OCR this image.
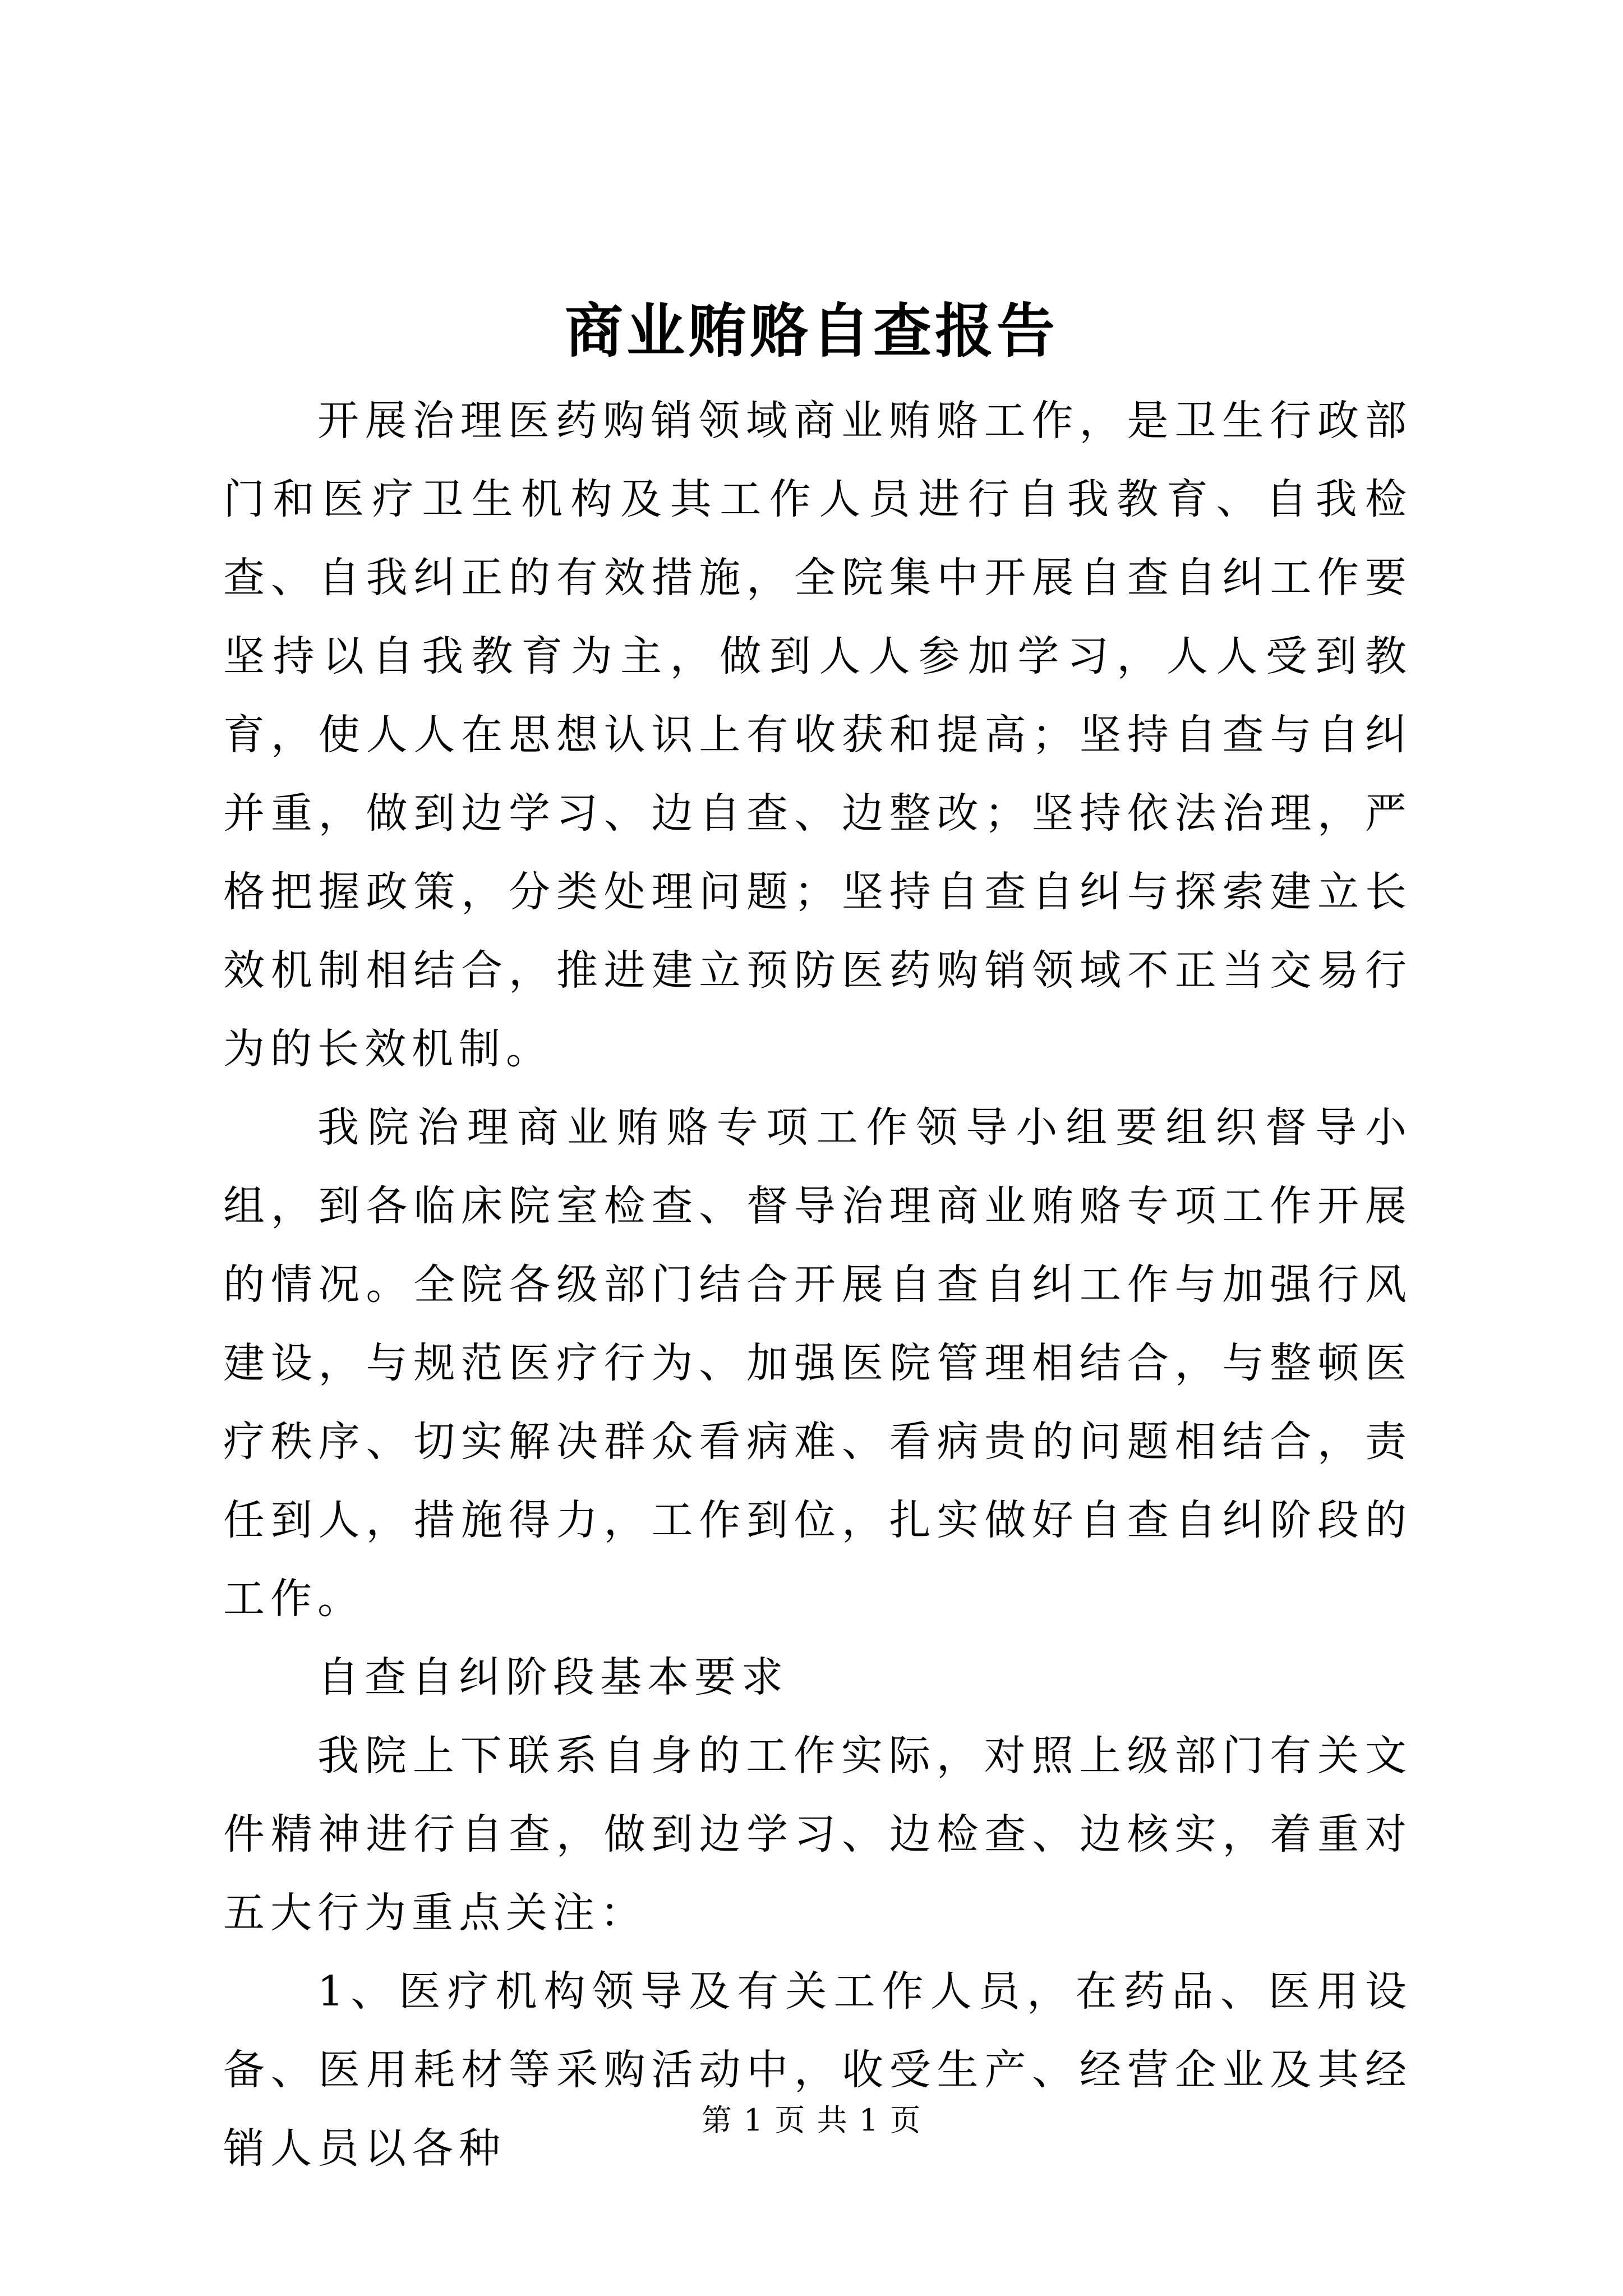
商业贿赂自查报告

开展治理医药购销领域商业贿赂工作，是卫生行政部门和医疗卫生机构及其工作人员进行自我教育、自我检查、自我纠正的有效措施，全院集中开展自查自纠工作要坚持以自我教育为主，做到人人参加学习，人人受到教育，使人人在思想认识上有收获和提高；坚持自查与自纠并重，做到边学习、边自查、边整改；坚持依法治理，严格把握政策，分类处理问题；坚持自查自纠与探索建立长效机制相结合，推进建立预防医药购销领域不正当交易行为的长效机制。

我院治理商业贿赂专项工作领导小组要组织督导小组，到各临床院室检查、督导治理商业贿赂专项工作开展的情况。全院各级部门结合开展自查自纠工作与加强行风建设，与规范医疗行为、加强医院管理相结合，与整顿医疗秩序、切实解决群众看病难、看病贵的问题相结合，责任到人，措施得力，工作到位，扎实做好自查自纠阶段的工作。

自查自纠阶段基本要求

我院上下联系自身的工作实际，对照上级部门有关文件精神进行自查，做到边学习、边检查、边核实，着重对五大行为重点关注：

1、医疗机构领导及有关工作人员，在药品、医用设备、医用耗材等采购活动中，收受生产、经营企业及其经销人员以各种

第 1 页 共 1 页
